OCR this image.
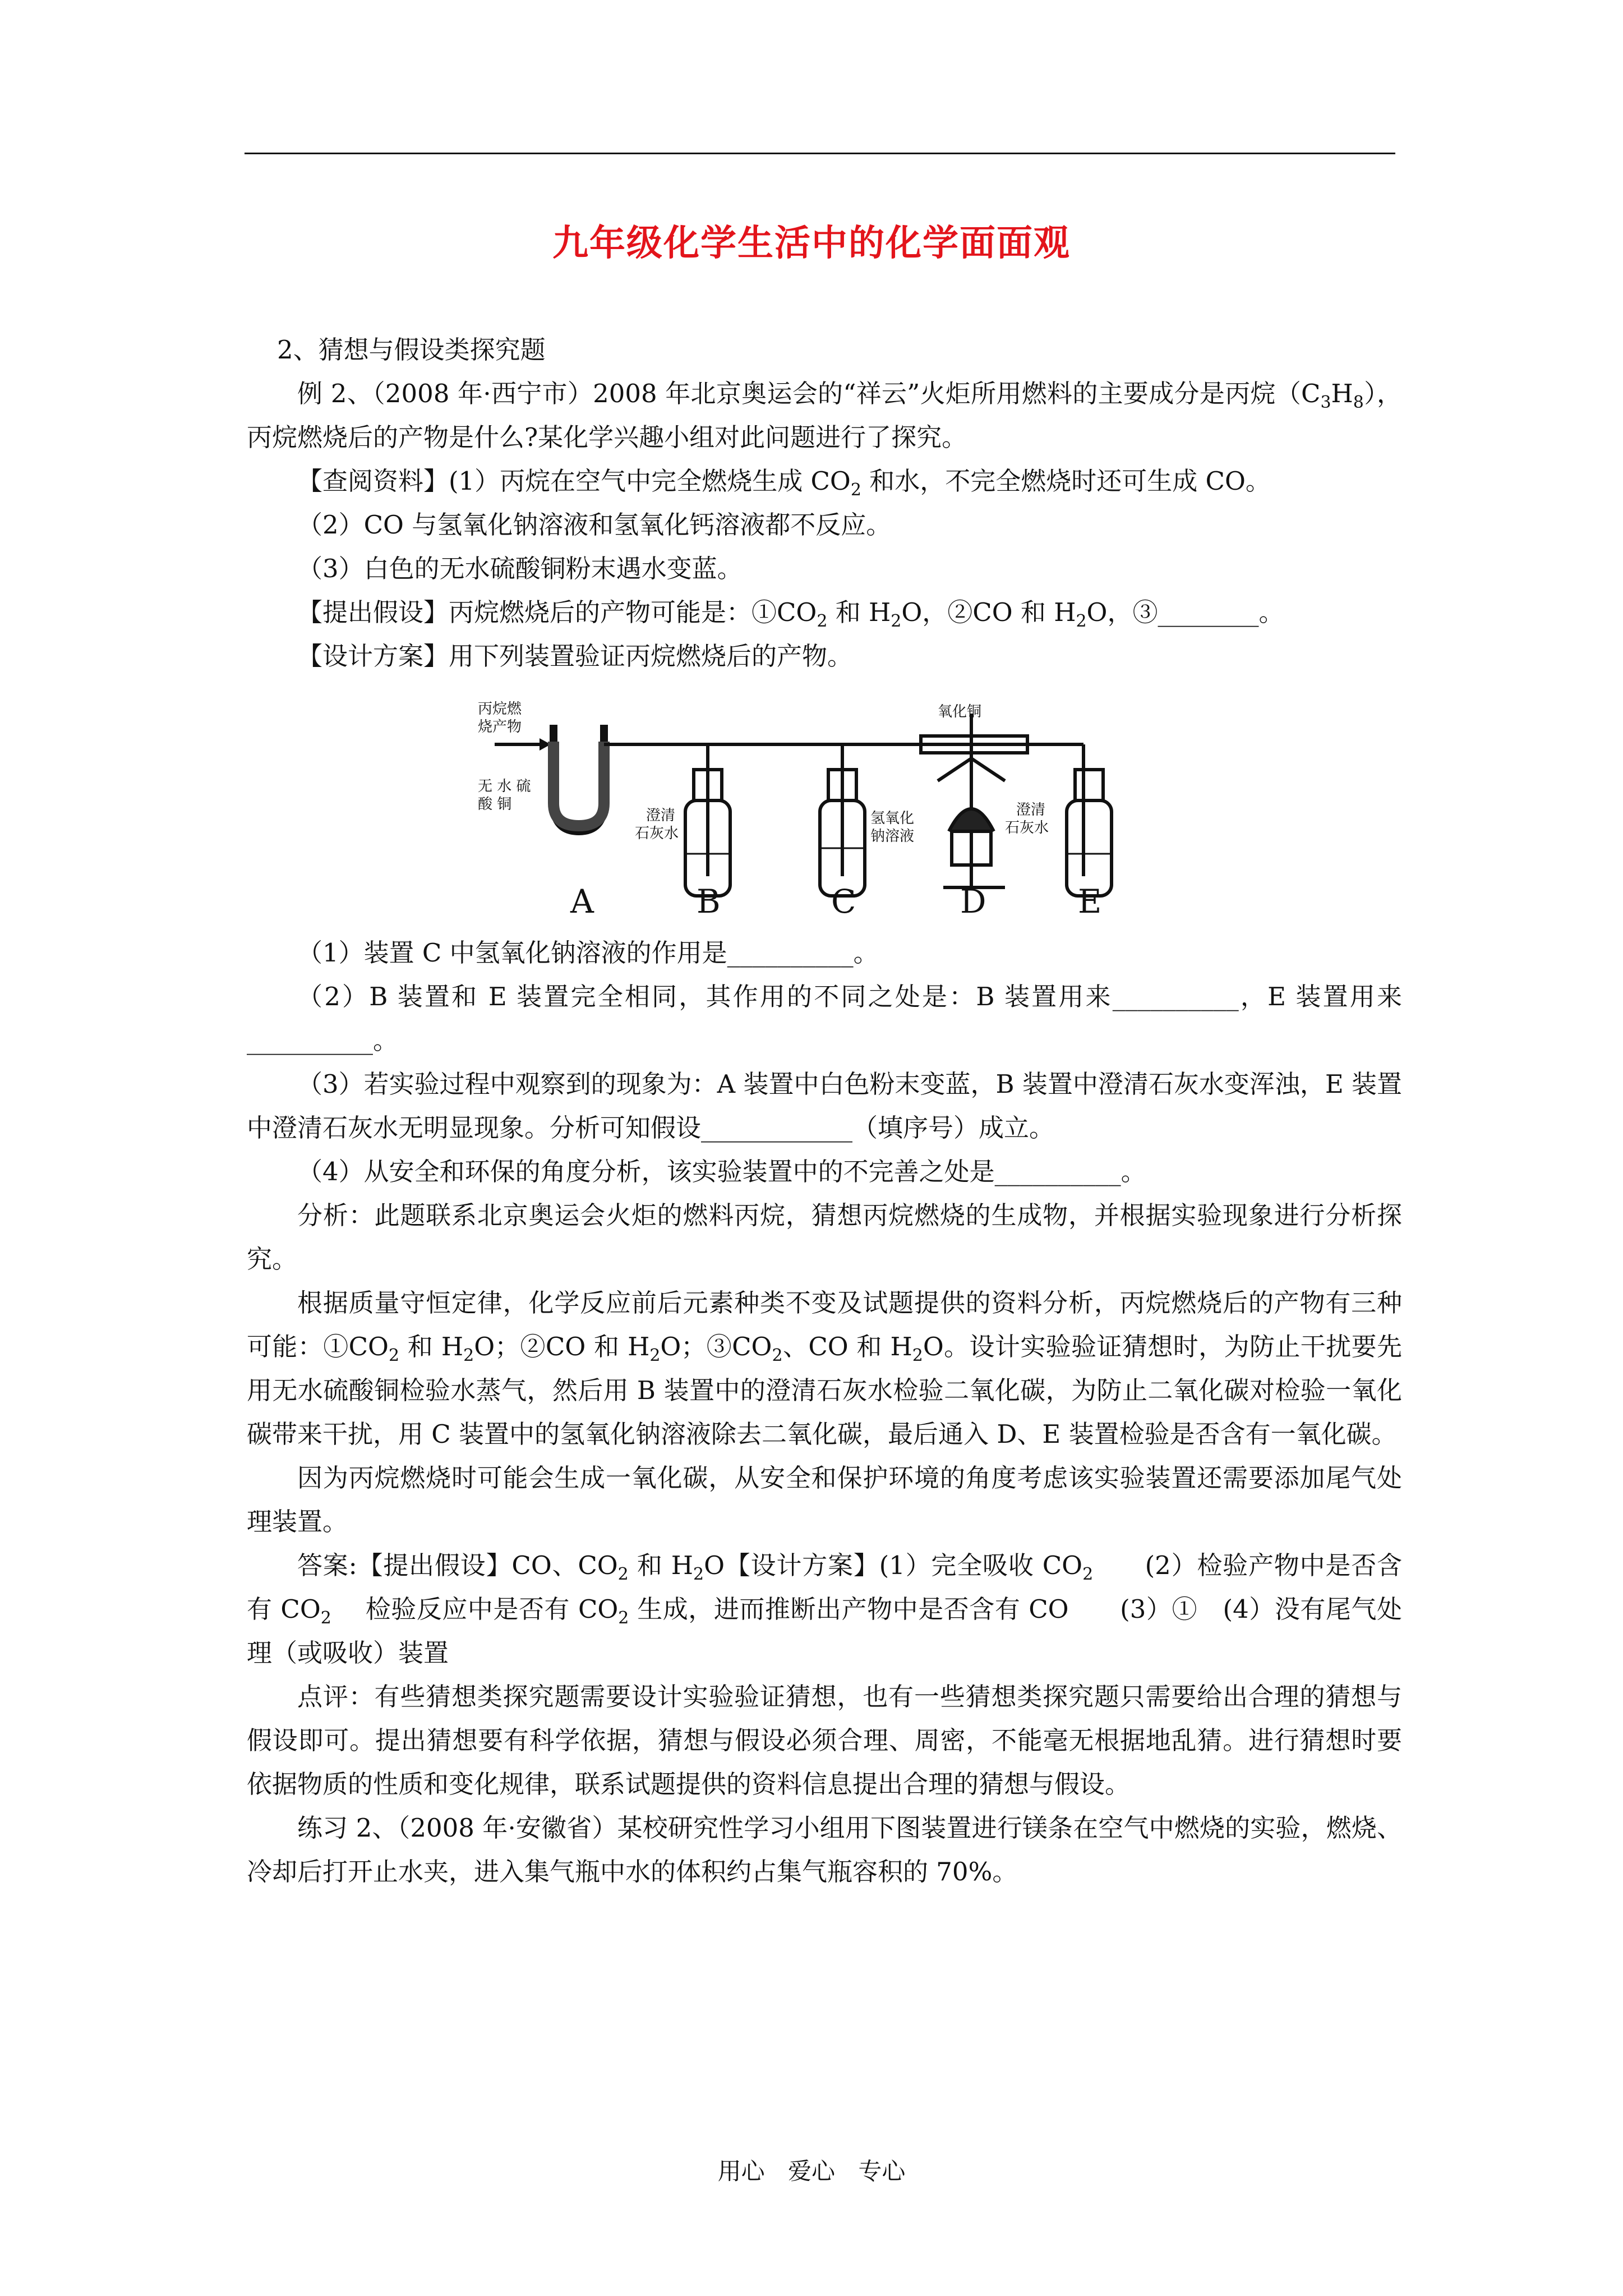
九年级化学生活中的化学面面观

2、猜想与假设类探究题

例 2、（2008 年·西宁市）2008 年北京奥运会的“祥云”火炬所用燃料的主要成分是丙烷$(C_3H_8)$，丙烷燃烧后的产物是什么?某化学兴趣小组对此问题进行了探究。

【查阅资料】(1）丙烷在空气中完全燃烧生成 $CO_2$ 和水，不完全燃烧时还可生成 CO。

（2）CO 与氢氧化钠溶液和氢氧化钙溶液都不反应。

（3）白色的无水硫酸铜粉末遇水变蓝。

【提出假设】丙烷燃烧后的产物可能是：$①CO_2$ 和 $H_2O$，②CO 和 $H_2O$，③________。

【设计方案】用下列装置验证丙烷燃烧后的产物。

丙烷燃
烧产物
无 水 硫
酸 铜
澄清
石灰水
氢氧化
钠溶液
氧化铜
澄清
石灰水
A	B	C	D	E

（1）装置 C 中氢氧化钠溶液的作用是__________。

（2）B 装置和 E 装置完全相同，其作用的不同之处是：B 装置用来__________，E 装置用来__________。

（3）若实验过程中观察到的现象为：A 装置中白色粉末变蓝，B 装置中澄清石灰水变浑浊，E 装置中澄清石灰水无明显现象。分析可知假设____________（填序号）成立。

（4）从安全和环保的角度分析，该实验装置中的不完善之处是__________。

分析：此题联系北京奥运会火炬的燃料丙烷，猜想丙烷燃烧的生成物，并根据实验现象进行分析探究。

根据质量守恒定律，化学反应前后元素种类不变及试题提供的资料分析，丙烷燃烧后的产物有三种可能：$①CO_2$ 和 $H_2O$；②CO 和 $H_2O$；$③CO_2$、CO 和 $H_2O$。设计实验验证猜想时，为防止干扰要先用无水硫酸铜检验水蒸气，然后用 B 装置中的澄清石灰水检验二氧化碳，为防止二氧化碳对检验一氧化碳带来干扰，用 C 装置中的氢氧化钠溶液除去二氧化碳，最后通入 D、E 装置检验是否含有一氧化碳。

因为丙烷燃烧时可能会生成一氧化碳，从安全和保护环境的角度考虑该实验装置还需要添加尾气处理装置。

答案:【提出假设】CO、$CO_2$ 和 $H_2O$【设计方案】(1）完全吸收 $CO_2$　　(2）检验产物中是否含有 $CO_2$　 检验反应中是否有 $CO_2$ 生成，进而推断出产物中是否含有 CO　　(3）①　(4）没有尾气处理（或吸收）装置

点评：有些猜想类探究题需要设计实验验证猜想，也有一些猜想类探究题只需要给出合理的猜想与假设即可。提出猜想要有科学依据，猜想与假设必须合理、周密，不能毫无根据地乱猜。进行猜想时要依据物质的性质和变化规律，联系试题提供的资料信息提出合理的猜想与假设。

练习 2、（2008 年·安徽省）某校研究性学习小组用下图装置进行镁条在空气中燃烧的实验，燃烧、冷却后打开止水夹，进入集气瓶中水的体积约占集气瓶容积的 70%。

用心 爱心 专心
